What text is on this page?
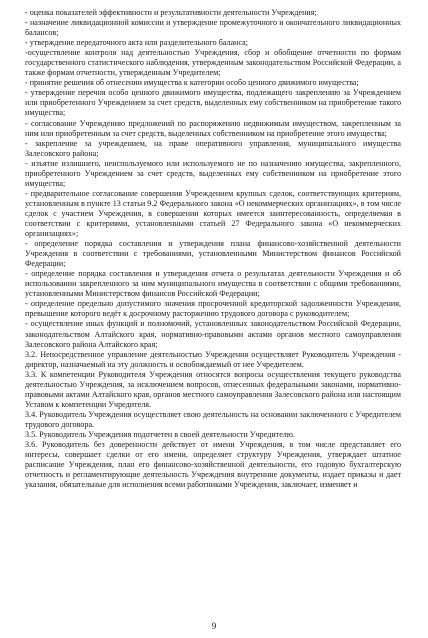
- оценка показателей эффективности и результативности деятельности Учреждения;

- назначение ликвидационной комиссии и утверждение промежуточного и окончательного ликвидационных балансов;

- утверждение передаточного акта или разделительного баланса;

-осуществление контроля над деятельностью Учреждения, сбор и обобщение отчетности по формам государственного статистического наблюдения, утвержденным законодательством Российской Федерации, а также формам отчетности, утвержденным Учредителем;

- принятие решения об отнесении имущества к категории особо ценного движимого имущества;

- утверждение перечня особо ценного движимого имущества, подлежащего закреплению за Учреждением или приобретенного Учреждением за счет средств, выделенных ему собственником на приобретение такого имущества;

- согласование Учреждению предложений по распоряжению недвижимым имуществом, закрепленным за ним или приобретенным за счет средств, выделенных собственником на приобретение этого имущества;

- закрепление за учреждением, на праве оперативного управления, муниципального имущества Залесовского района;

- изъятие излишнего, неиспользуемого или используемого не по назначению имущества, закрепленного, приобретенного Учреждением за счет средств, выделенных ему собственником на приобретение этого имущества;

- предварительное согласование совершения Учреждением крупных сделок, соответствующих критериям, установленным в пункте 13 статьи 9.2 Федерального закона «О некоммерческих организациях», в том числе сделок с участием Учреждения, в совершении которых имеется заинтересованность, определяемая в соответствии с критериями, установленными статьей 27 Федерального закона «О некоммерческих организациях»;

- определение порядка составления и утверждения плана финансово-хозяйственной деятельности Учреждения в соответствии с требованиями, установленными Министерством финансов Российской Федерации;

- определение порядка составления и утверждения отчета о результатах деятельности Учреждения и об использовании закрепленного за ним муниципального имущества в соответствии с общими требованиями, установленными Министерством финансов Российской Федерации;

- определение предельно допустимого значения просроченной кредиторской задолженности Учреждения, превышение которого ведёт к досрочному расторжению трудового договора с руководителем;

- осуществление иных функций и полномочий, установленных законодательством Российской Федерации, законодательством Алтайского края, нормативно-правовыми актами органов местного самоуправления Залесовского района Алтайского края;

3.2. Непосредственное управление деятельностью Учреждения осуществляет Руководитель Учреждения - директор, назначаемый на эту должность и освобождаемый от нее Учредителем.

3.3. К компетенции Руководителя Учреждения относятся вопросы осуществления текущего руководства деятельностью Учреждения, за исключением вопросов, отнесенных федеральными законами, нормативно-правовыми актами Алтайского края, органов местного самоуправления Залесовского района или настоящим Уставом к компетенции Учредителя.

3.4. Руководитель Учреждения осуществляет свою деятельность на основании заключенного с Учредителем трудового договора.

3.5. Руководитель Учреждения подотчетен в своей деятельности Учредителю.

3.6. Руководитель без доверенности действует от имени Учреждения, в том числе представляет его интересы, совершает сделки от его имени, определяет структуру Учреждения, утверждает штатное расписание Учреждения, план его финансово-хозяйственной деятельности, его годовую бухгалтерскую отчетность и регламентирующие деятельность Учреждения внутренние документы, издает приказы и дает указания, обязательные для исполнения всеми работниками Учреждения, заключает, изменяет и

9
